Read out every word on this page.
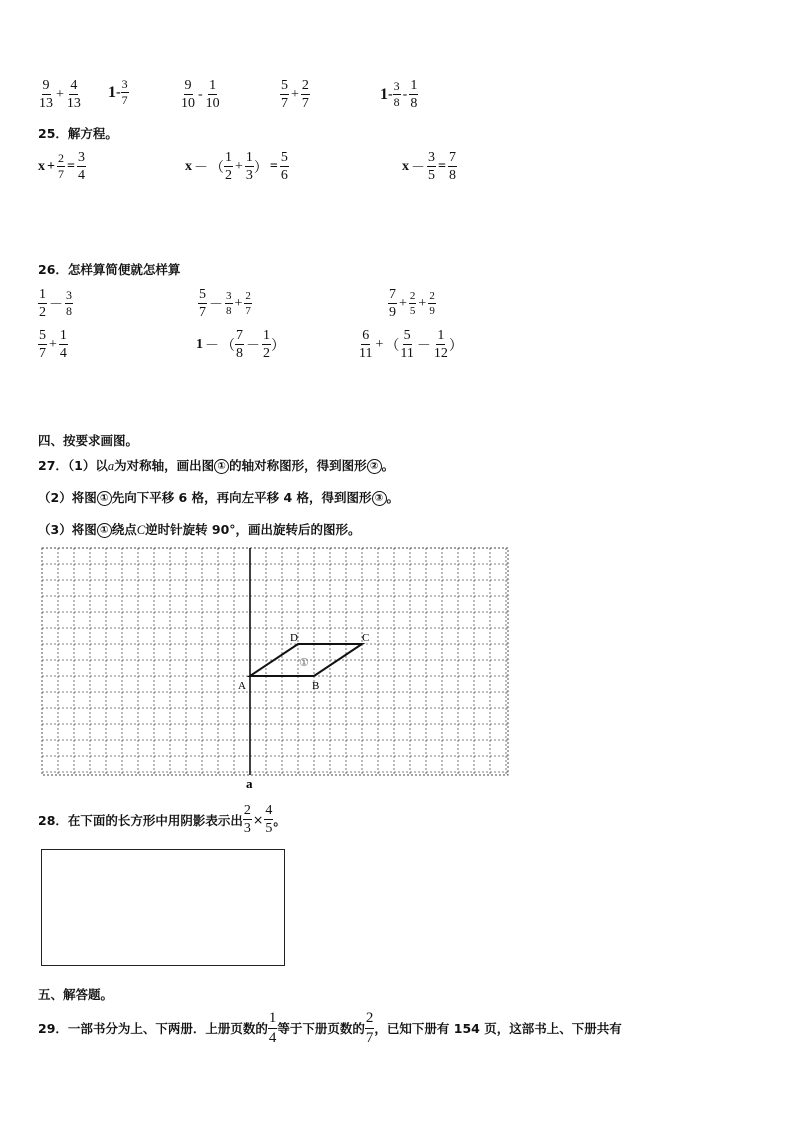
$\frac{9}{13} + \frac{4}{13} 1 - \frac{3}{7}$	$\frac{9}{10} - \frac{1}{10}$	$\frac{5}{7} + \frac{2}{7}$	$1 - \frac{3}{8} - \frac{1}{8}$
25．解方程。
$x + \frac{2}{7} = \frac{3}{4}$	x － （ $\frac{1}{2} + \frac{1}{3}$ ） = $\frac{5}{6}$	$x - \frac{3}{5} = \frac{7}{8}$
26．怎样算简便就怎样算
$\frac{1}{2} - \frac{3}{8}$	$\frac{5}{7} - \frac{3}{8} + \frac{2}{7}$	$\frac{7}{9} + \frac{2}{5} + \frac{2}{9}$
$\frac{5}{7} + \frac{1}{4}$	1 － （ $\frac{7}{8} - \frac{1}{2}$ ）	$\frac{6}{11}$ + （ $\frac{5}{11} - \frac{1}{12}$ ）
四、按要求画图。
27．（1）以a为对称轴，画出图 ① 的轴对称图形，得到图形 ② 。
（2）将图 ① 先向下平移 6 格，再向左平移 4 格，得到图形 ③ 。
（3）将图 ① 绕点C逆时针旋转 90°，画出旋转后的图形。
A	B
C
D
①
a
28．在下面的长方形中用阴影表示出 $\frac{2}{3} \times \frac{4}{5}$ 。
五、解答题。
29．一部书分为上、下两册．上册页数的 $\frac{1}{4}$ 等于下册页数的 $\frac{2}{7}$ ，已知下册有 154 页，这部书上、下册共有
